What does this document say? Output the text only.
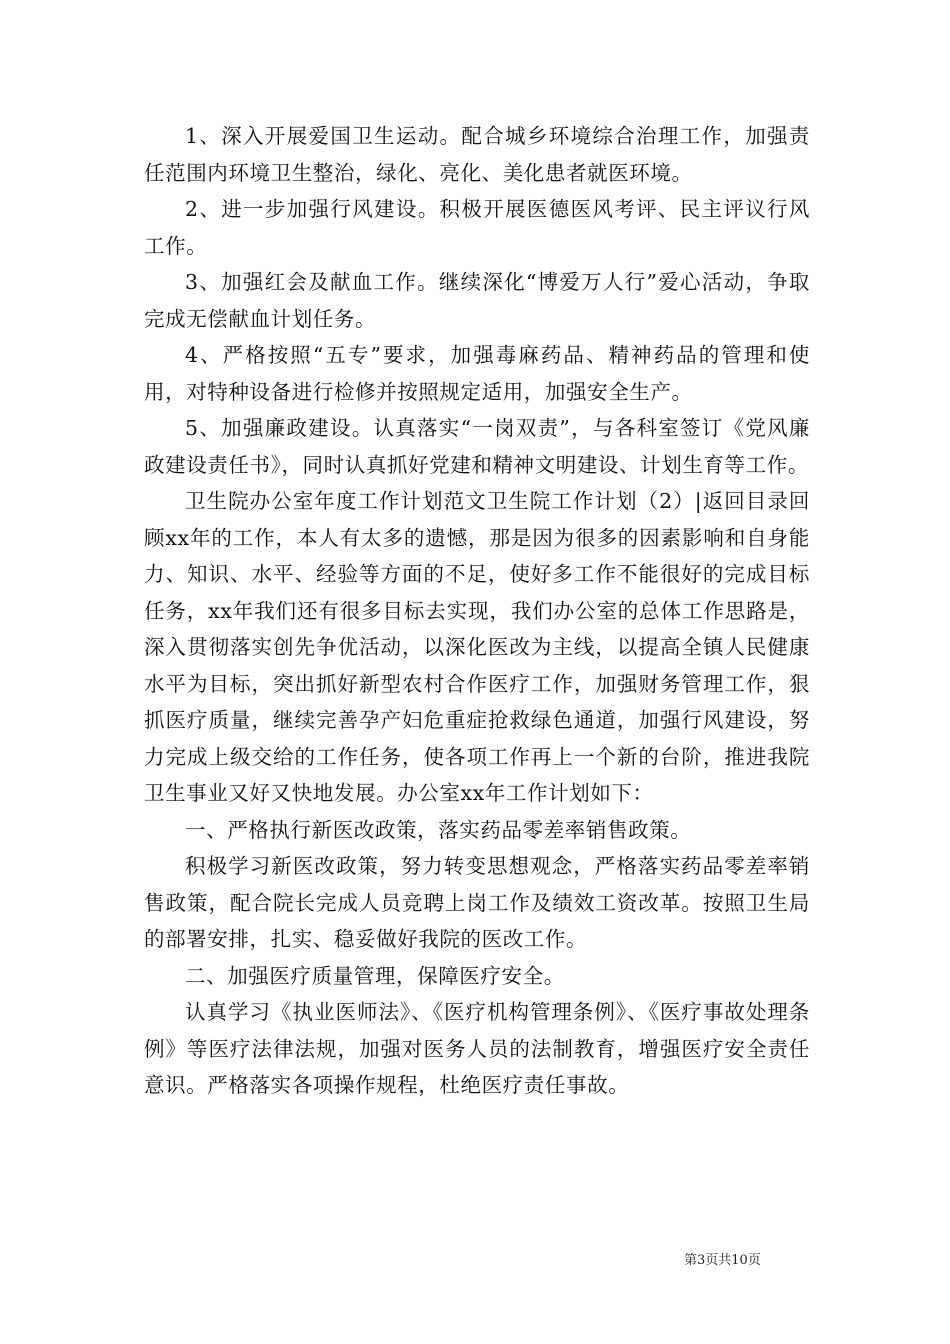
1、深入开展爱国卫生运动。配合城乡环境综合治理工作，加强责任范围内环境卫生整治，绿化、亮化、美化患者就医环境。

2、进一步加强行风建设。积极开展医德医风考评、民主评议行风工作。

3、加强红会及献血工作。继续深化“博爱万人行”爱心活动，争取完成无偿献血计划任务。

4、严格按照“五专”要求，加强毒麻药品、精神药品的管理和使用，对特种设备进行检修并按照规定适用，加强安全生产。

5、加强廉政建设。认真落实“一岗双责”，与各科室签订《党风廉政建设责任书》，同时认真抓好党建和精神文明建设、计划生育等工作。

卫生院办公室年度工作计划范文卫生院工作计划（2）|返回目录回顾xx年的工作，本人有太多的遗憾，那是因为很多的因素影响和自身能力、知识、水平、经验等方面的不足，使好多工作不能很好的完成目标任务，xx年我们还有很多目标去实现，我们办公室的总体工作思路是，深入贯彻落实创先争优活动，以深化医改为主线，以提高全镇人民健康水平为目标，突出抓好新型农村合作医疗工作，加强财务管理工作，狠抓医疗质量，继续完善孕产妇危重症抢救绿色通道，加强行风建设，努力完成上级交给的工作任务，使各项工作再上一个新的台阶，推进我院卫生事业又好又快地发展。办公室xx年工作计划如下：

一、严格执行新医改政策，落实药品零差率销售政策。

积极学习新医改政策，努力转变思想观念，严格落实药品零差率销售政策，配合院长完成人员竞聘上岗工作及绩效工资改革。按照卫生局的部署安排，扎实、稳妥做好我院的医改工作。

二、加强医疗质量管理，保障医疗安全。

认真学习《执业医师法》、《医疗机构管理条例》、《医疗事故处理条例》等医疗法律法规，加强对医务人员的法制教育，增强医疗安全责任意识。严格落实各项操作规程，杜绝医疗责任事故。

第3页共10页
